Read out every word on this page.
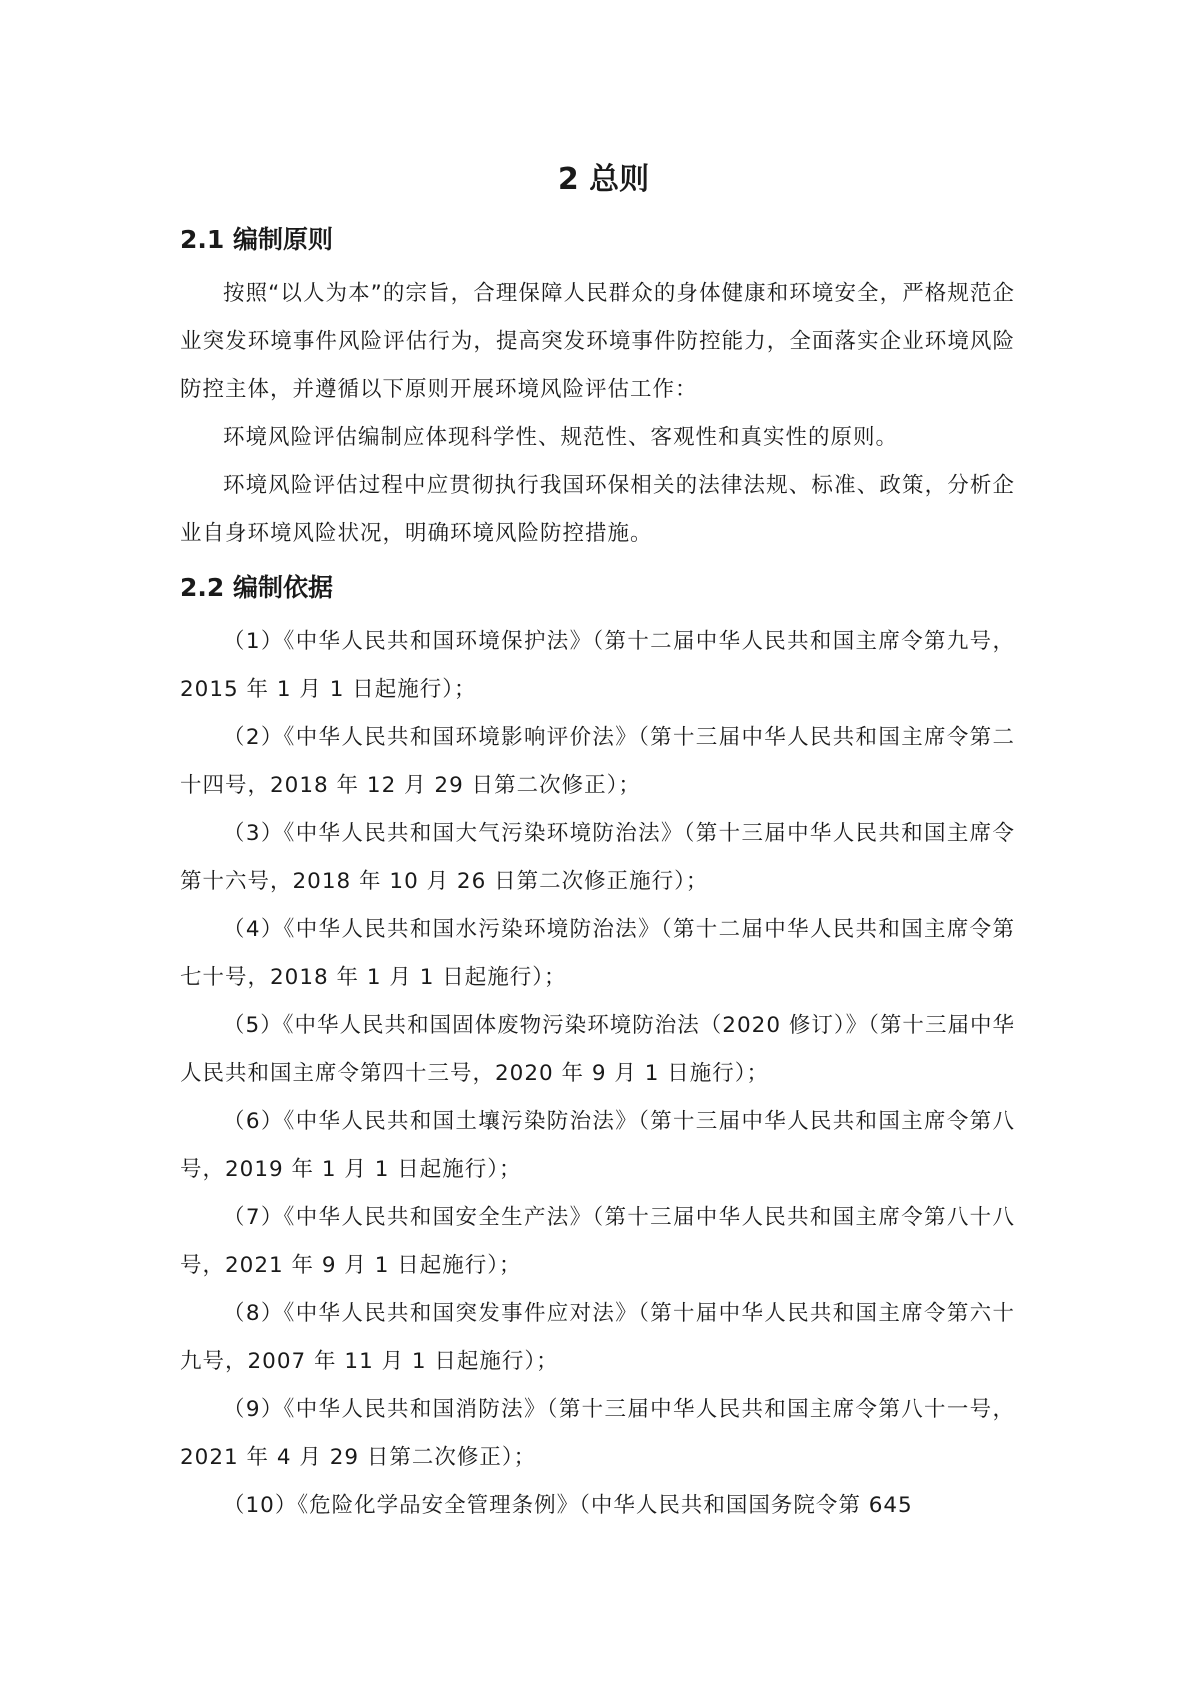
2 总则
2.1 编制原则

按照“以人为本”的宗旨，合理保障人民群众的身体健康和环境安全，严格规范企业突发环境事件风险评估行为，提高突发环境事件防控能力，全面落实企业环境风险防控主体，并遵循以下原则开展环境风险评估工作：

环境风险评估编制应体现科学性、规范性、客观性和真实性的原则。

环境风险评估过程中应贯彻执行我国环保相关的法律法规、标准、政策，分析企业自身环境风险状况，明确环境风险防控措施。

2.2 编制依据

（1）《中华人民共和国环境保护法》（第十二届中华人民共和国主席令第九号，2015 年 1 月 1 日起施行）；

（2）《中华人民共和国环境影响评价法》（第十三届中华人民共和国主席令第二十四号，2018 年 12 月 29 日第二次修正）；

（3）《中华人民共和国大气污染环境防治法》（第十三届中华人民共和国主席令第十六号，2018 年 10 月 26 日第二次修正施行）；

（4）《中华人民共和国水污染环境防治法》（第十二届中华人民共和国主席令第七十号，2018 年 1 月 1 日起施行）；

（5）《中华人民共和国固体废物污染环境防治法（2020 修订）》（第十三届中华人民共和国主席令第四十三号，2020 年 9 月 1 日施行）；

（6）《中华人民共和国土壤污染防治法》（第十三届中华人民共和国主席令第八号，2019 年 1 月 1 日起施行）；

（7）《中华人民共和国安全生产法》（第十三届中华人民共和国主席令第八十八号，2021 年 9 月 1 日起施行）；

（8）《中华人民共和国突发事件应对法》（第十届中华人民共和国主席令第六十九号，2007 年 11 月 1 日起施行）；

（9）《中华人民共和国消防法》（第十三届中华人民共和国主席令第八十一号，2021 年 4 月 29 日第二次修正）；

（10）《危险化学品安全管理条例》（中华人民共和国国务院令第 645
